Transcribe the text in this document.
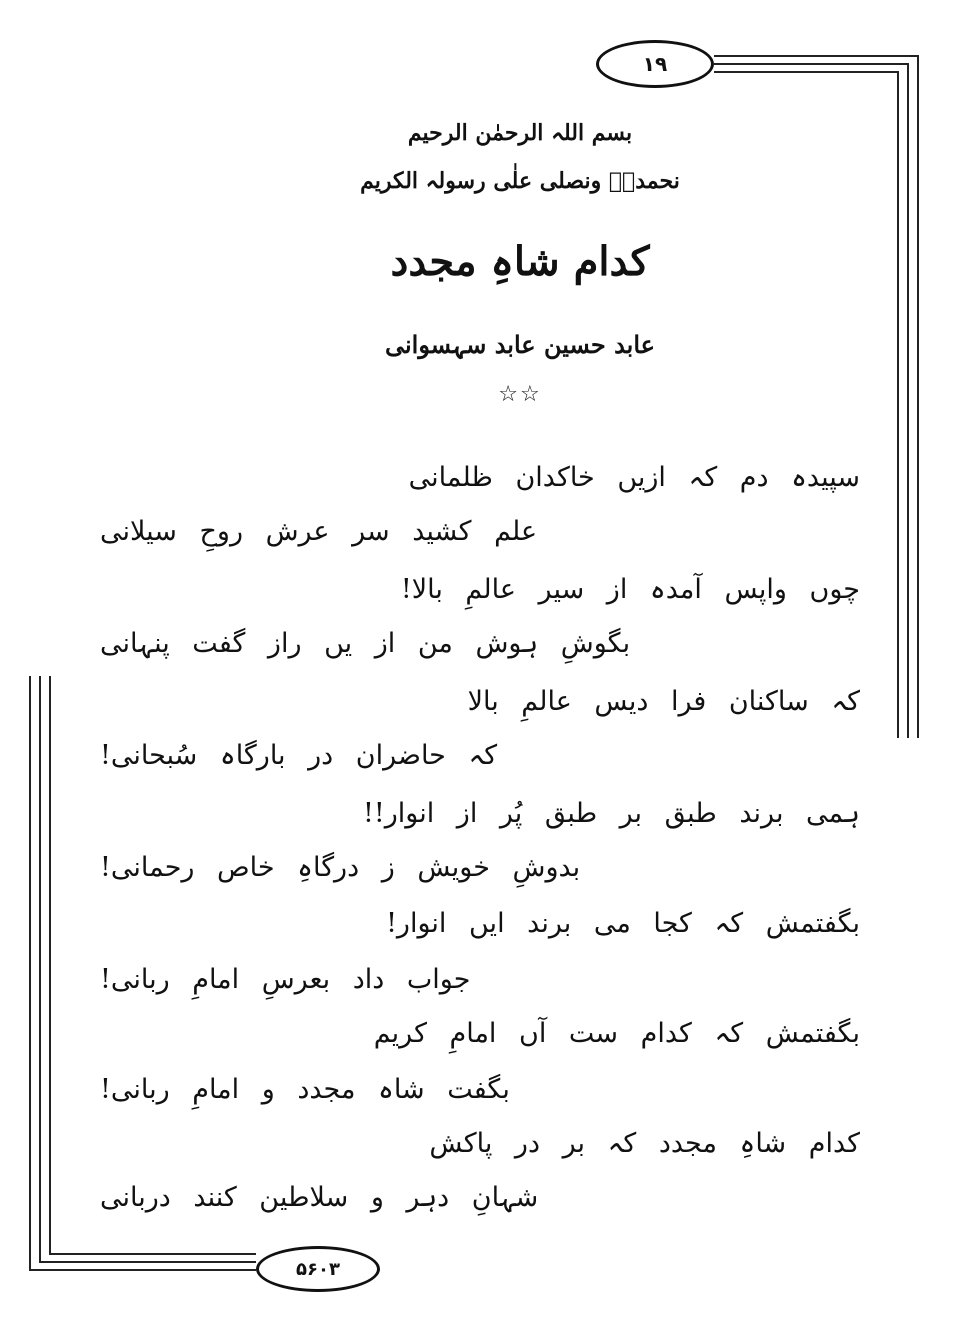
۱۹
بسم اللہ الرحمٰن الرحیم
نحمدہٗ ونصلی علٰی رسولہ الکریم
کدام شاہِ مجدد
عابد حسین عابد سہسوانی
☆☆
سپیدہ دم کہ ازیں خاکدان ظلمانی
علم کشید سر عرش روحِ سیلانی
چوں واپس آمدہ از سیر عالمِ بالا!
بگوشِ ہوش من از یں راز گفت پنہانی
کہ ساکنان فرا دیس عالمِ بالا
کہ حاضران در بارگاہ سُبحانی!
ہمی برند طبق بر طبق پُر از انوار!!
بدوشِ خویش ز درگاہِ خاص رحمانی!
بگفتمش کہ کجا می برند ایں انوار!
جواب داد بعرسِ امامِ ربانی!
بگفتمش کہ کدام ست آں امامِ کریم
بگفت شاہ مجدد و امامِ ربانی!
کدام شاہِ مجدد کہ بر در پاکش
شہانِ دہر و سلاطین کنند دربانی
۵۶۰۳
